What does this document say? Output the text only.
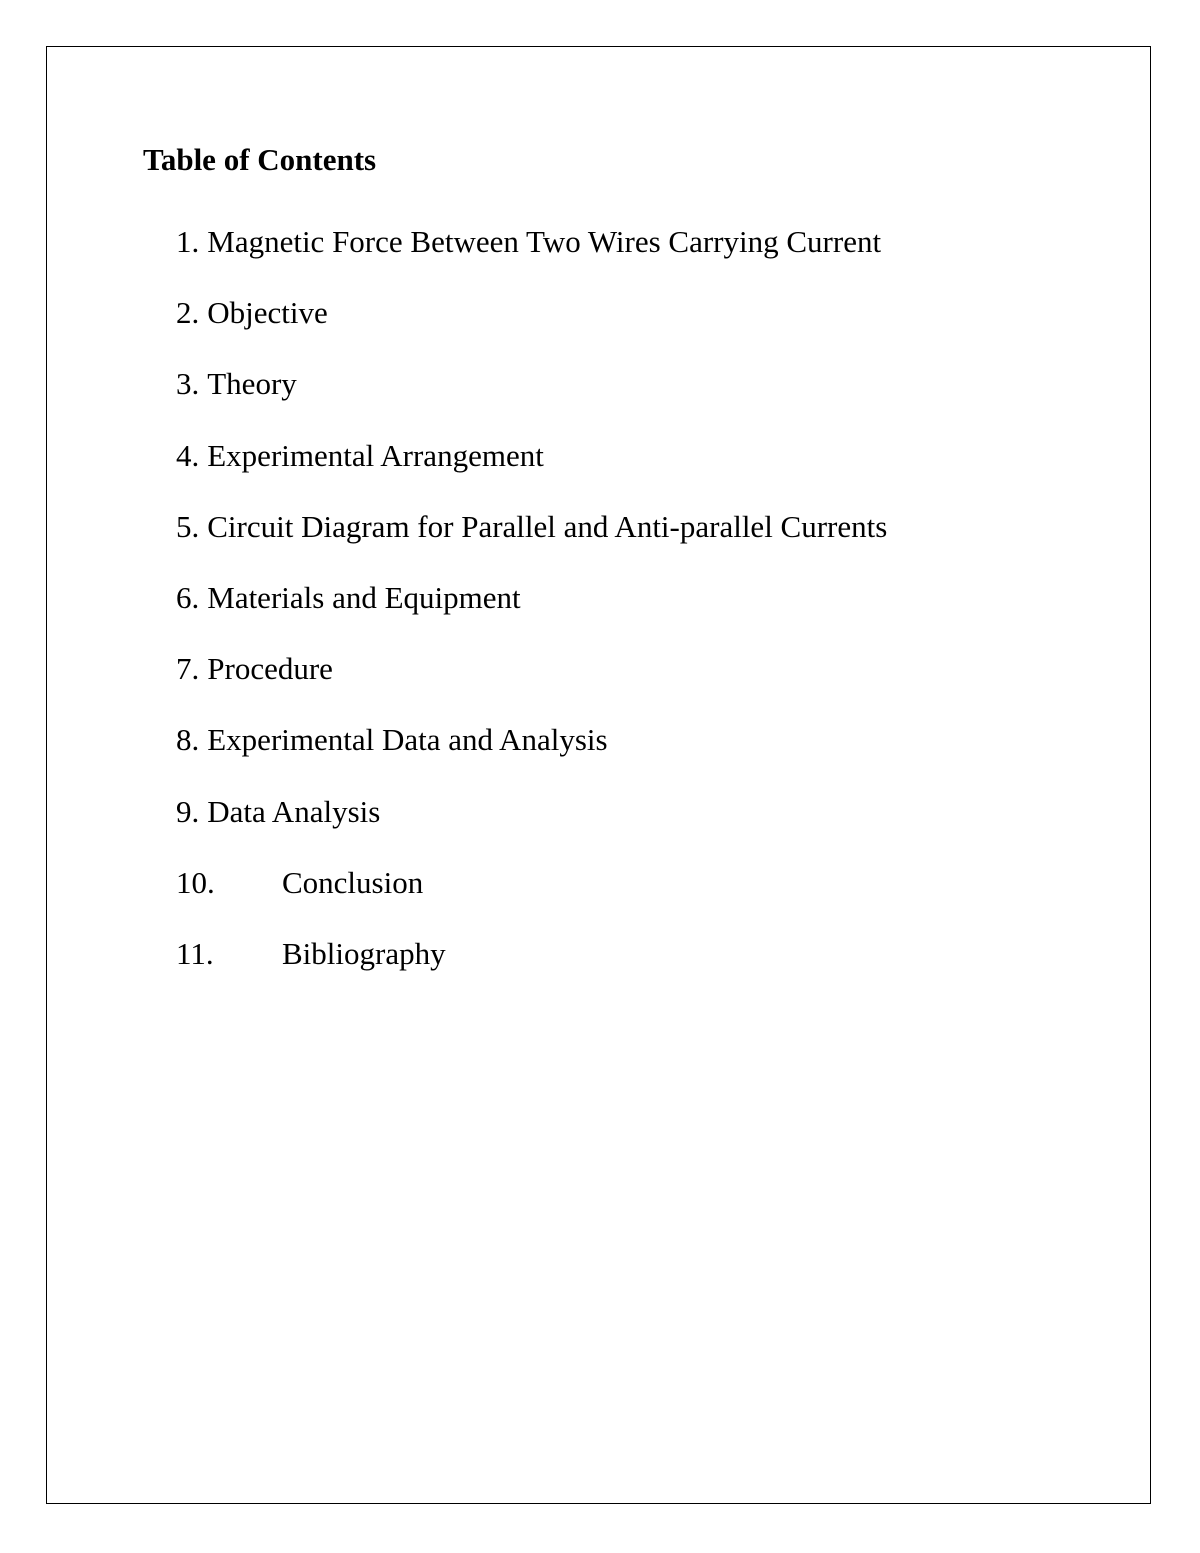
Table of Contents
1. Magnetic Force Between Two Wires Carrying Current
2. Objective
3. Theory
4. Experimental Arrangement
5. Circuit Diagram for Parallel and Anti-parallel Currents
6. Materials and Equipment
7. Procedure
8. Experimental Data and Analysis
9. Data Analysis
10. Conclusion
11. Bibliography
